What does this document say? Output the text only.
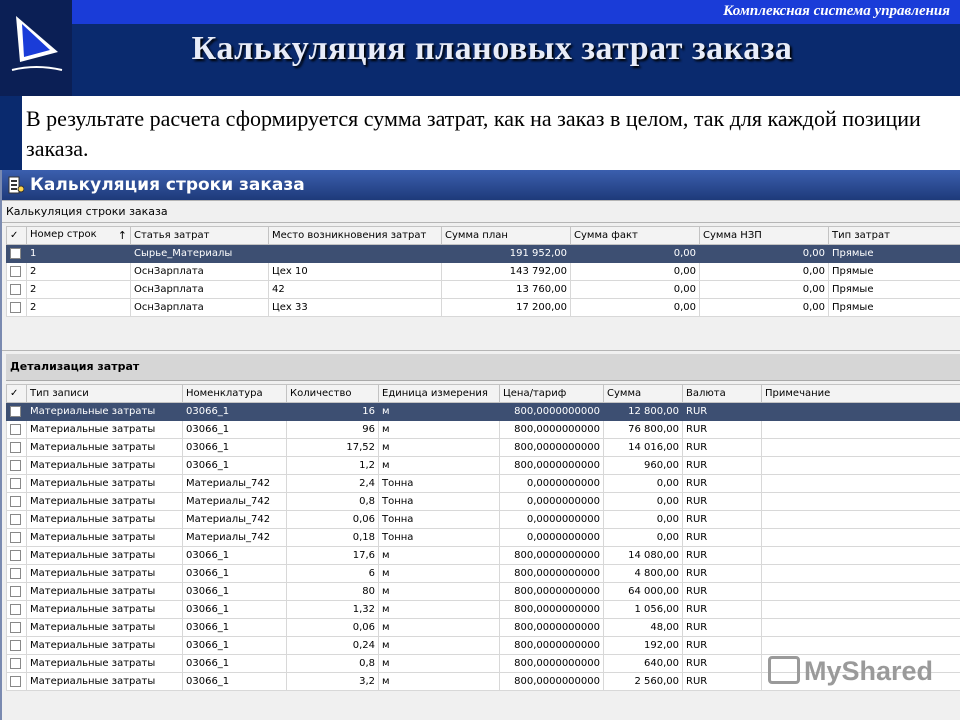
Комплексная система управления
Калькуляция плановых затрат заказа
В результате расчета сформируется сумма затрат, как на заказ в целом, так для каждой позиции заказа.
Калькуляция строки заказа
Калькуляция строки заказа
✓	Номер строк ↑	Статья затрат	Место возникновения затрат	Сумма план	Сумма факт	Сумма НЗП	Тип затрат
	1	Сырье_Материалы		191 952,00	0,00	0,00	Прямые
	2	ОснЗарплата	Цех 10	143 792,00	0,00	0,00	Прямые
	2	ОснЗарплата	42	13 760,00	0,00	0,00	Прямые
	2	ОснЗарплата	Цех 33	17 200,00	0,00	0,00	Прямые
Детализация затрат
✓	Тип записи	Номенклатура	Количество	Единица измерения	Цена/тариф	Сумма	Валюта	Примечание
	Материальные затраты	03066_1	16	м	800,0000000000	12 800,00	RUR	
	Материальные затраты	03066_1	96	м	800,0000000000	76 800,00	RUR	
	Материальные затраты	03066_1	17,52	м	800,0000000000	14 016,00	RUR	
	Материальные затраты	03066_1	1,2	м	800,0000000000	960,00	RUR	
	Материальные затраты	Материалы_742	2,4	Тонна	0,0000000000	0,00	RUR	
	Материальные затраты	Материалы_742	0,8	Тонна	0,0000000000	0,00	RUR	
	Материальные затраты	Материалы_742	0,06	Тонна	0,0000000000	0,00	RUR	
	Материальные затраты	Материалы_742	0,18	Тонна	0,0000000000	0,00	RUR	
	Материальные затраты	03066_1	17,6	м	800,0000000000	14 080,00	RUR	
	Материальные затраты	03066_1	6	м	800,0000000000	4 800,00	RUR	
	Материальные затраты	03066_1	80	м	800,0000000000	64 000,00	RUR	
	Материальные затраты	03066_1	1,32	м	800,0000000000	1 056,00	RUR	
	Материальные затраты	03066_1	0,06	м	800,0000000000	48,00	RUR	
	Материальные затраты	03066_1	0,24	м	800,0000000000	192,00	RUR	
	Материальные затраты	03066_1	0,8	м	800,0000000000	640,00	RUR	
	Материальные затраты	03066_1	3,2	м	800,0000000000	2 560,00	RUR		MyShared
